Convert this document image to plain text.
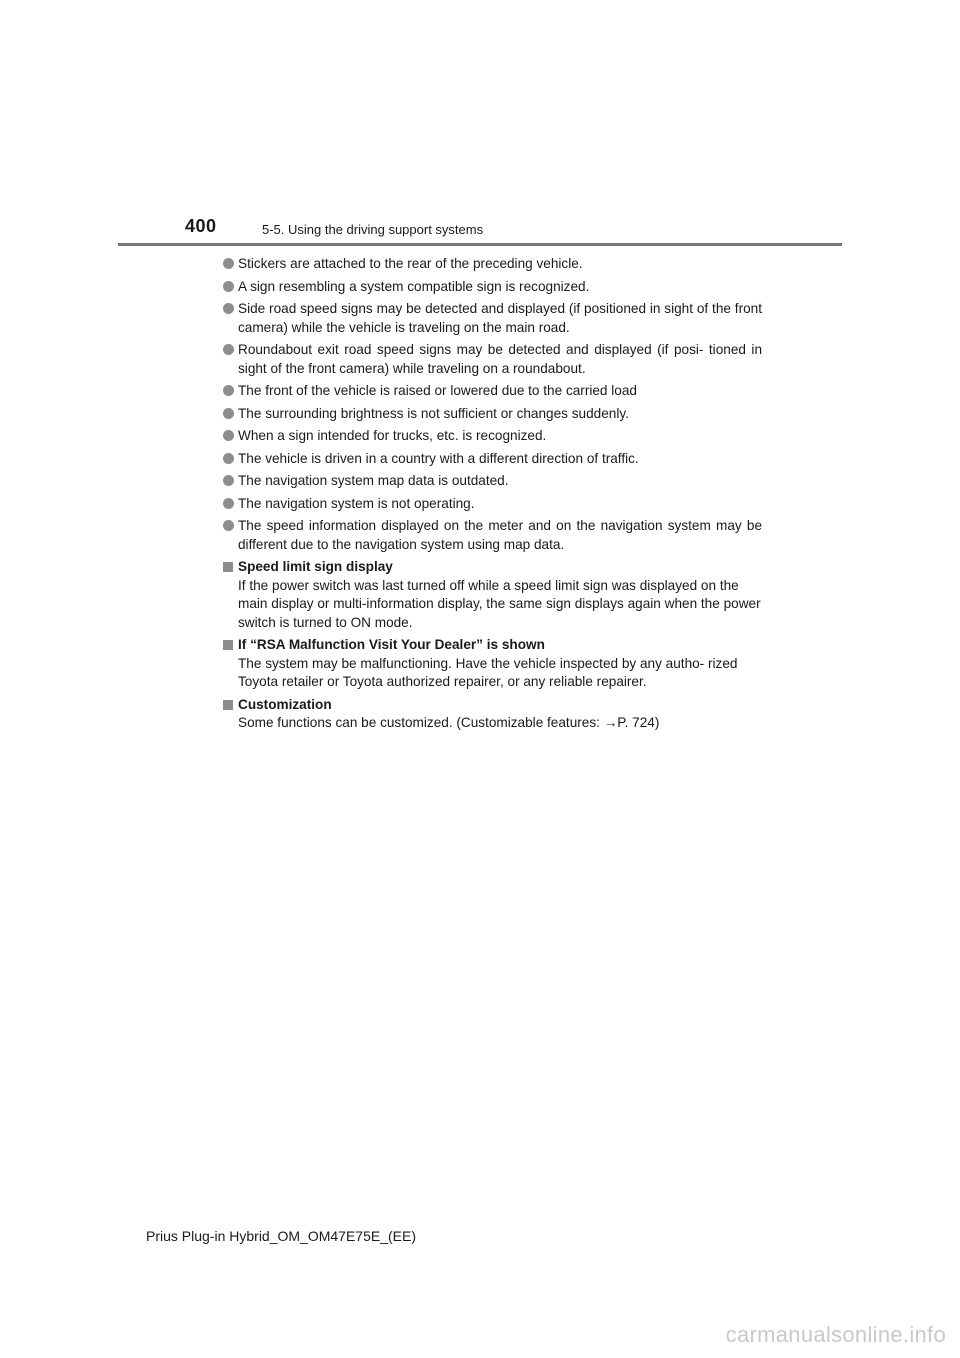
400	5-5. Using the driving support systems
Stickers are attached to the rear of the preceding vehicle.
A sign resembling a system compatible sign is recognized.
Side road speed signs may be detected and displayed (if positioned in sight of the front camera) while the vehicle is traveling on the main road.
Roundabout exit road speed signs may be detected and displayed (if posi- tioned in sight of the front camera) while traveling on a roundabout.
The front of the vehicle is raised or lowered due to the carried load
The surrounding brightness is not sufficient or changes suddenly.
When a sign intended for trucks, etc. is recognized.
The vehicle is driven in a country with a different direction of traffic.
The navigation system map data is outdated.
The navigation system is not operating.
The speed information displayed on the meter and on the navigation system may be different due to the navigation system using map data.
Speed limit sign display
If the power switch was last turned off while a speed limit sign was displayed on the main display or multi-information display, the same sign displays again when the power switch is turned to ON mode.
If “RSA Malfunction Visit Your Dealer” is shown
The system may be malfunctioning. Have the vehicle inspected by any autho- rized Toyota retailer or Toyota authorized repairer, or any reliable repairer.
Customization
Some functions can be customized. (Customizable features: →P. 724)
Prius Plug-in Hybrid_OM_OM47E75E_(EE)
carmanualsonline.info
